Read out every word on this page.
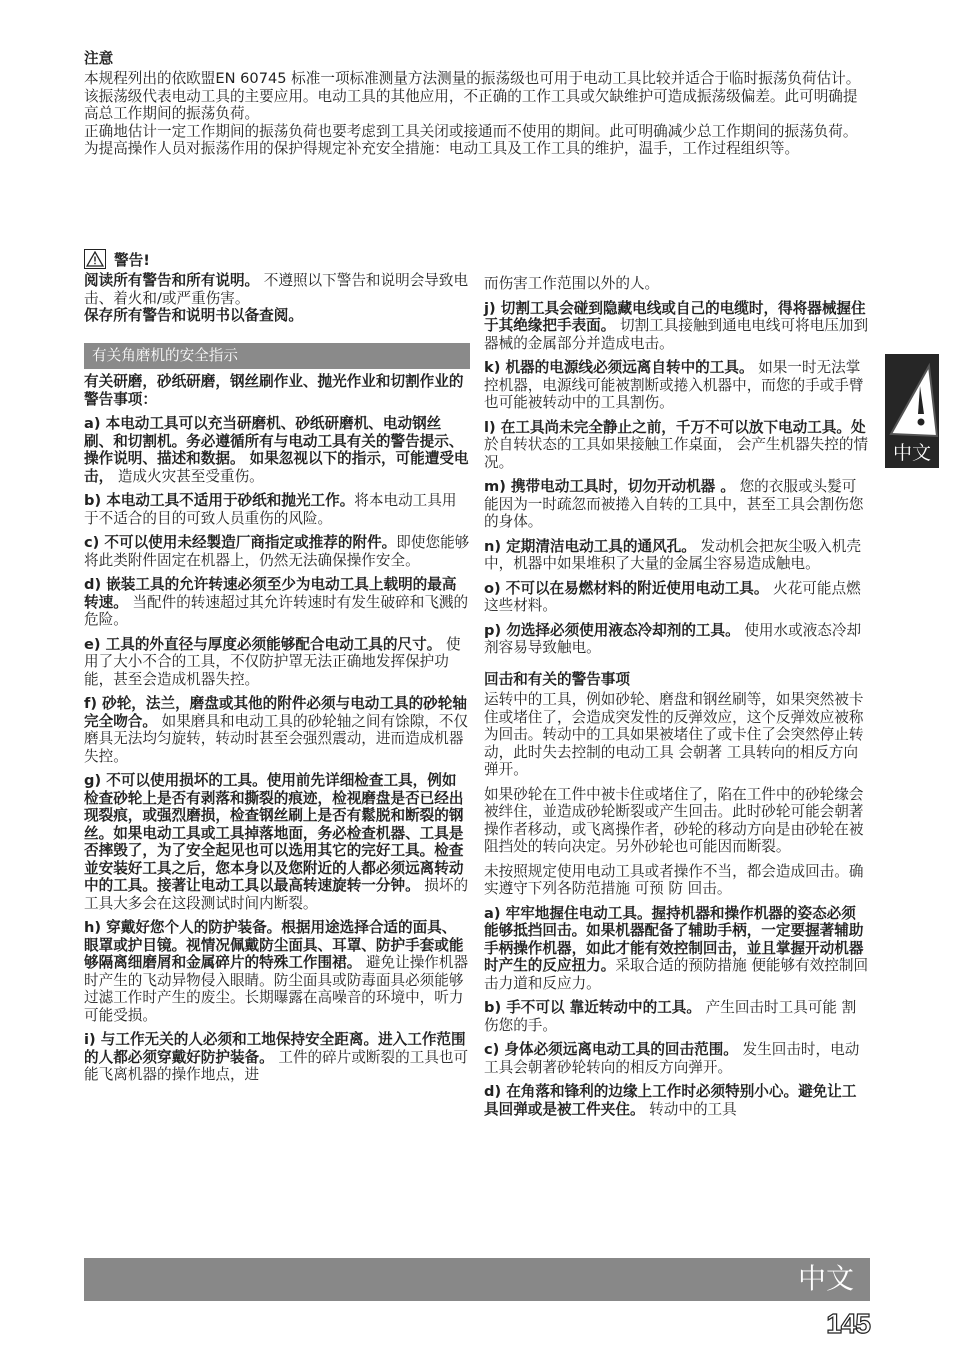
注意

本规程列出的依欧盟EN 60745 标准一项标准测量方法测量的振荡级也可用于电动工具比较并适合于临时振荡负荷估计。

该振荡级代表电动工具的主要应用。电动工具的其他应用，不正确的工作工具或欠缺维护可造成振荡级偏差。此可明确提高总工作期间的振荡负荷。

正确地估计一定工作期间的振荡负荷也要考虑到工具关闭或接通而不使用的期间。此可明确减少总工作期间的振荡负荷。

为提高操作人员对振荡作用的保护得规定补充安全措施：电动工具及工作工具的维护，温手，工作过程组织等。

警告!

阅读所有警告和所有说明。 不遵照以下警告和说明会导致电击、着火和/或严重伤害。

保存所有警告和说明书以备查阅。

有关角磨机的安全指示

有关研磨，砂纸研磨，钢丝刷作业、抛光作业和切割作业的警告事项：

a) 本电动工具可以充当研磨机、砂纸研磨机、电动钢丝刷、和切割机。务必遵循所有与电动工具有关的警告提示、操作说明、描述和数据。 如果忽视以下的指示，可能遭受电击， 造成火灾甚至受重伤。

b) 本电动工具不适用于砂纸和抛光工作。将本电动工具用于不适合的目的可致人员重伤的风险。

c) 不可以使用未经製造厂商指定或推荐的附件。即使您能够将此类附件固定在机器上，仍然无法确保操作安全。

d) 嵌装工具的允许转速必须至少为电动工具上载明的最高转速。 当配件的转速超过其允许转速时有发生破碎和飞溅的危险。

e) 工具的外直径与厚度必须能够配合电动工具的尺寸。 使用了大小不合的工具，不仅防护罩无法正确地发挥保护功能，甚至会造成机器失控。

f) 砂轮，法兰，磨盘或其他的附件必须与电动工具的砂轮轴完全吻合。 如果磨具和电动工具的砂轮轴之间有馀隙，不仅磨具无法均匀旋转，转动时甚至会强烈震动，进而造成机器失控。

g) 不可以使用损坏的工具。使用前先详细检查工具，例如检查砂轮上是否有剥落和撕裂的痕迹，检视磨盘是否已经出现裂痕，或强烈磨损，检查钢丝刷上是否有鬆脱和断裂的钢丝。如果电动工具或工具掉落地面，务必检查机器、工具是否摔毁了，为了安全起见也可以选用其它的完好工具。检查並安装好工具之后，您本身以及您附近的人都必须远离转动中的工具。接著让电动工具以最高转速旋转一分钟。 损坏的工具大多会在这段测试时间内断裂。

h) 穿戴好您个人的防护装备。根据用途选择合适的面具、眼罩或护目镜。视情况佩戴防尘面具、耳罩、防护手套或能够隔离细磨屑和金属碎片的特殊工作围裙。 避免让操作机器时产生的飞动异物侵入眼睛。防尘面具或防毒面具必须能够过滤工作时产生的废尘。长期曝露在高噪音的环境中，听力可能受损。

i) 与工作无关的人必须和工地保持安全距离。进入工作范围的人都必须穿戴好防护装备。 工件的碎片或断裂的工具也可能飞离机器的操作地点，进

而伤害工作范围以外的人。

j) 切割工具会碰到隐藏电线或自己的电缆时，得将器械握住于其绝缘把手表面。 切割工具接触到通电电线可将电压加到器械的金属部分并造成电击。

k) 机器的电源线必须远离自转中的工具。 如果一时无法掌控机器，电源线可能被割断或捲入机器中，而您的手或手臂也可能被转动中的工具割伤。

l) 在工具尚未完全静止之前，千万不可以放下电动工具。处 於自转状态的工具如果接触工作桌面， 会产生机器失控的情况。

m) 携带电动工具时，切勿开动机器 。 您的衣服或头髮可能因为一时疏忽而被捲入自转的工具中，甚至工具会割伤您的身体。

n) 定期清洁电动工具的通风孔。 发动机会把灰尘吸入机壳中，机器中如果堆积了大量的金属尘容易造成触电。

o) 不可以在易燃材料的附近使用电动工具。 火花可能点燃这些材料。

p) 勿选择必须使用液态冷却剂的工具。 使用水或液态冷却剂容易导致触电。

回击和有关的警告事项

运转中的工具，例如砂轮、磨盘和钢丝刷等，如果突然被卡住或堵住了，会造成突发性的反弹效应，这个反弹效应被称为回击。转动中的工具如果被堵住了或卡住了会突然停止转动，此时失去控制的电动工具 会朝著 工具转向的相反方向 弹开。

如果砂轮在工件中被卡住或堵住了，陷在工件中的砂轮缘会被绊住，並造成砂轮断裂或产生回击。此时砂轮可能会朝著操作者移动，或飞离操作者，砂轮的移动方向是由砂轮在被阻挡处的转向决定。另外砂轮也可能因而断裂。

未按照规定使用电动工具或者操作不当，都会造成回击。确实遵守下列各防范措施 可预 防 回击。

a) 牢牢地握住电动工具。握持机器和操作机器的姿态必须能够抵挡回击。如果机器配备了辅助手柄，一定要握著辅助手柄操作机器，如此才能有效控制回击，並且掌握开动机器时产生的反应扭力。采取合适的预防措施 便能够有效控制回击力道和反应力。

b) 手不可以 靠近转动中的工具。 产生回击时工具可能 割伤您的手。

c) 身体必须远离电动工具的回击范围。 发生回击时，电动工具会朝著砂轮转向的相反方向弹开。

d) 在角落和锋利的边缘上工作时必须特别小心。避免让工具回弹或是被工件夹住。 转动中的工具

中文
中文
145
